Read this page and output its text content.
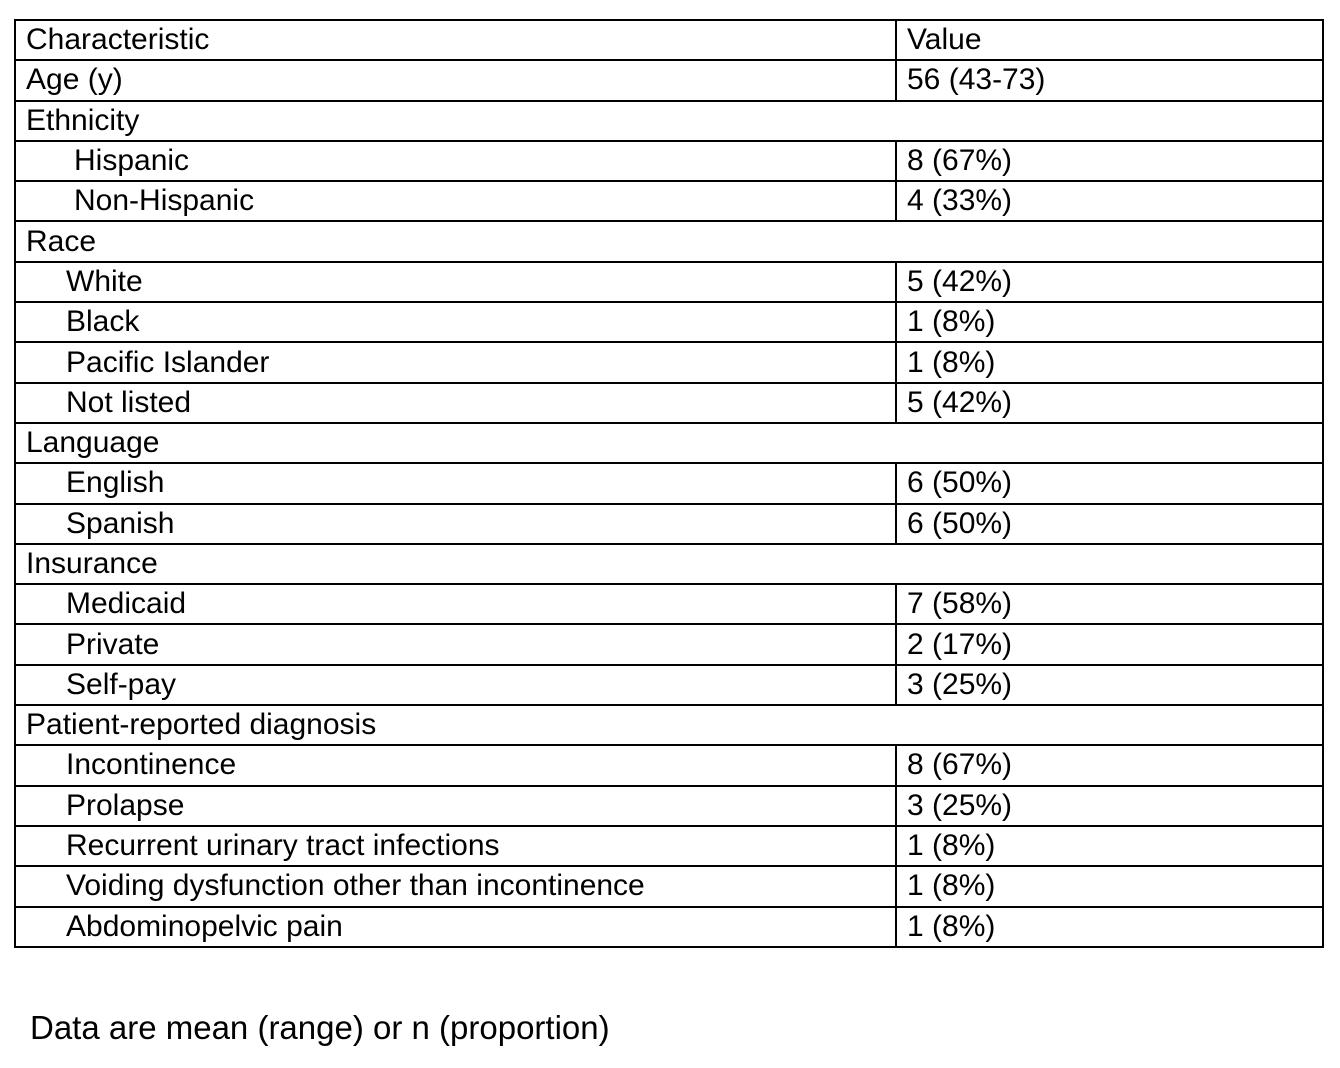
Characteristic	Value
Age (y)	56 (43-73)
Ethnicity	
Hispanic	8 (67%)
Non-Hispanic	4 (33%)
Race	
White	5 (42%)
Black	1 (8%)
Pacific Islander	1 (8%)
Not listed	5 (42%)
Language	
English	6 (50%)
Spanish	6 (50%)
Insurance	
Medicaid	7 (58%)
Private	2 (17%)
Self-pay	3 (25%)
Patient-reported diagnosis	
Incontinence	8 (67%)
Prolapse	3 (25%)
Recurrent urinary tract infections	1 (8%)
Voiding dysfunction other than incontinence	1 (8%)
Abdominopelvic pain	1 (8%)
Data are mean (range) or n (proportion)
